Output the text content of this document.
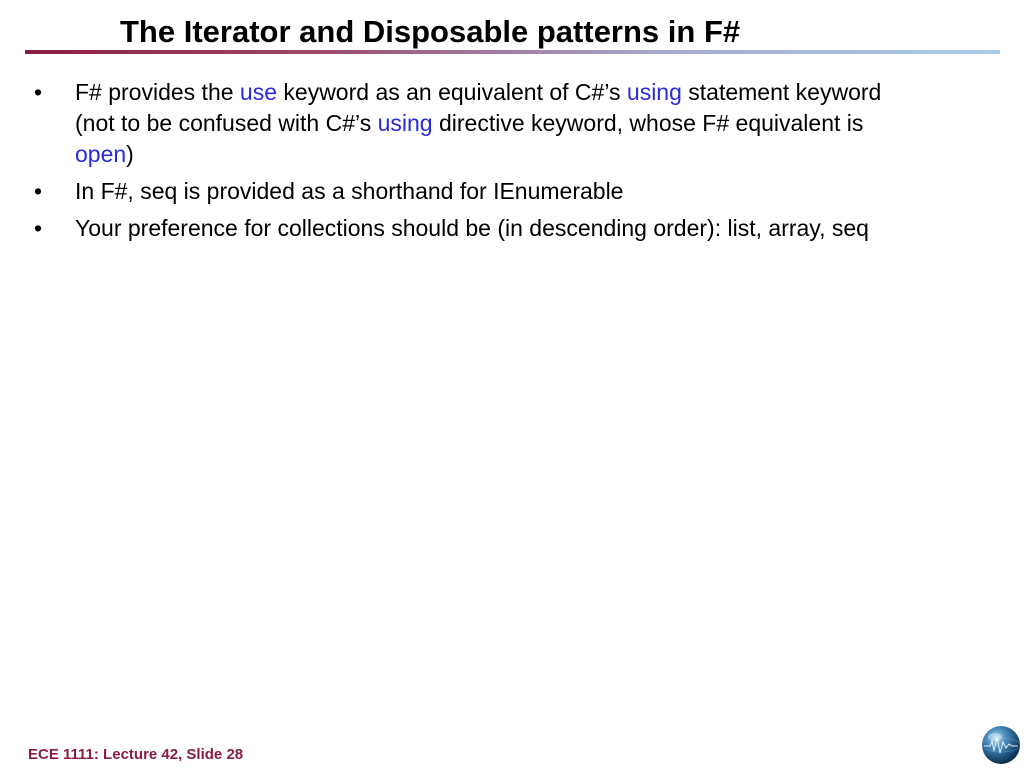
The Iterator and Disposable patterns in F#
•	F# provides the use keyword as an equivalent of C#’s using statement keyword (not to be confused with C#’s using directive keyword, whose F# equivalent is open)
•	In F#, seq is provided as a shorthand for IEnumerable
•	Your preference for collections should be (in descending order): list, array, seq
ECE 1111: Lecture 42, Slide 28
